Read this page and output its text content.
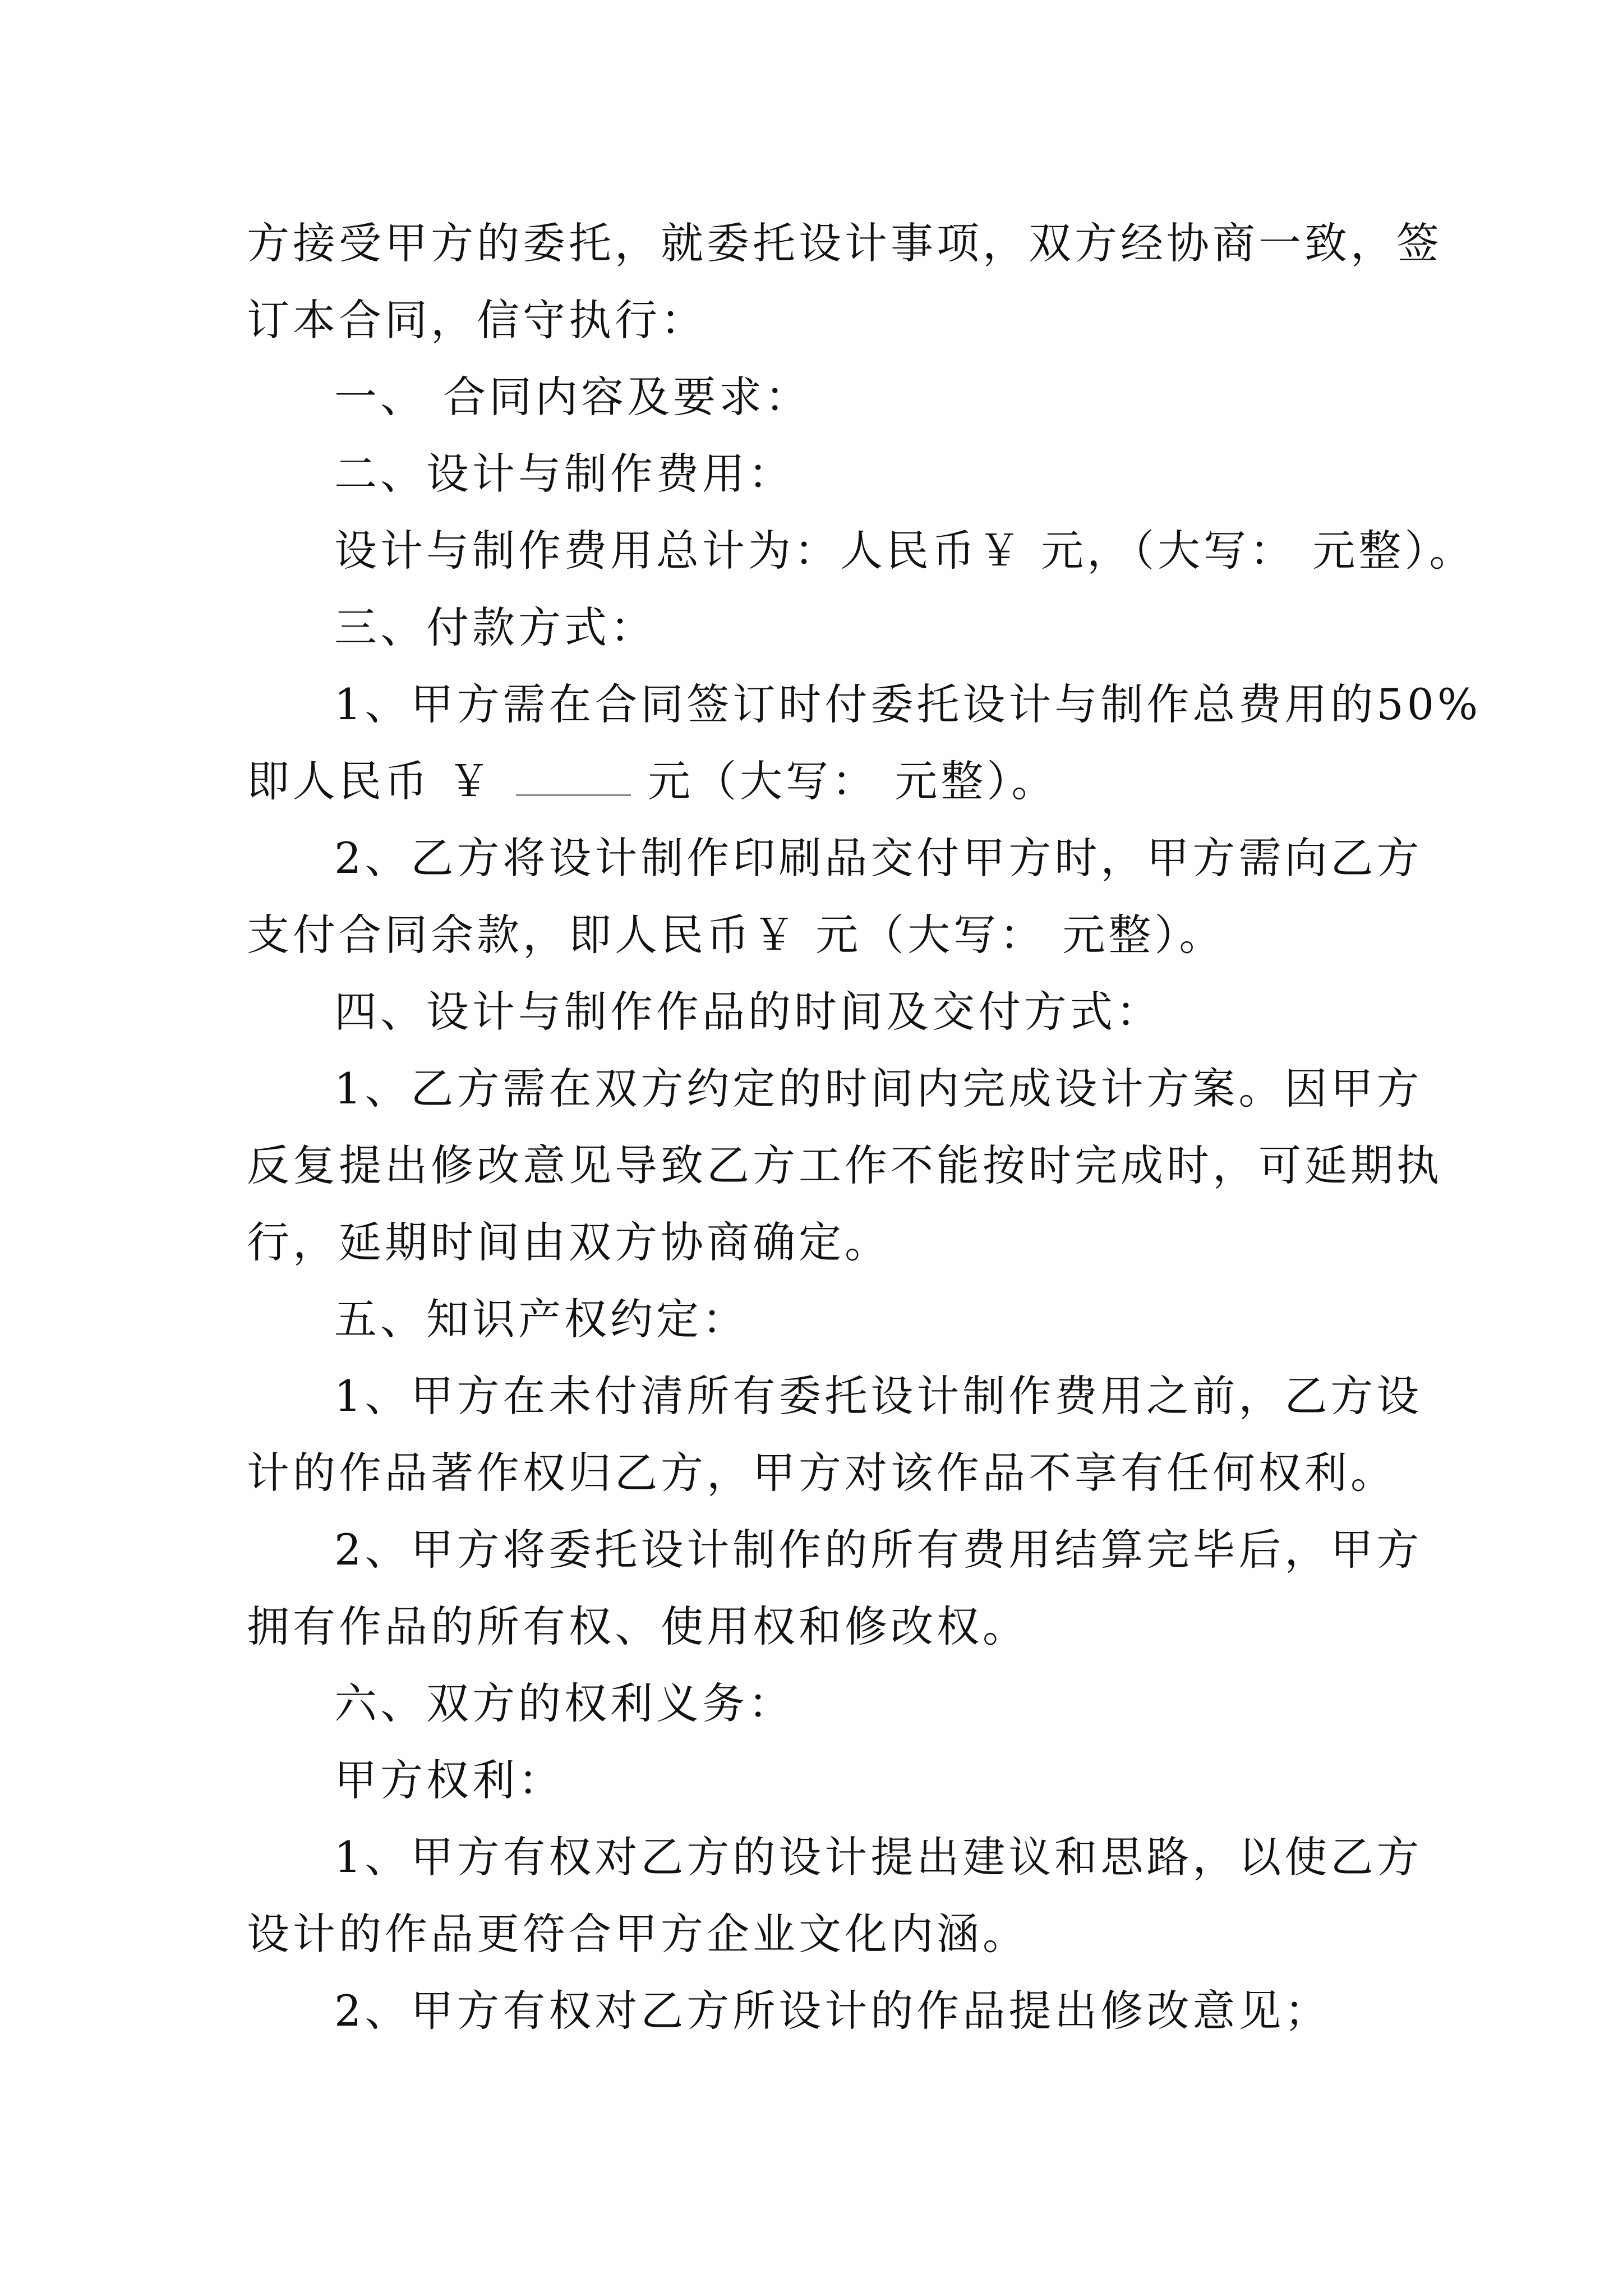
方接受甲方的委托，就委托设计事项，双方经协商一致，签
订本合同，信守执行：
一、 合同内容及要求：
二、设计与制作费用：
设计与制作费用总计为：人民币￥ 元，（大写： 元整）。
三、付款方式：
1、甲方需在合同签订时付委托设计与制作总费用的50%
即人民币 ￥	元（大写： 元整）。
2、乙方将设计制作印刷品交付甲方时，甲方需向乙方
支付合同余款，即人民币￥ 元（大写： 元整）。
四、设计与制作作品的时间及交付方式：
1、乙方需在双方约定的时间内完成设计方案。因甲方
反复提出修改意见导致乙方工作不能按时完成时，可延期执
行，延期时间由双方协商确定。
五、知识产权约定：
1、甲方在未付清所有委托设计制作费用之前，乙方设
计的作品著作权归乙方，甲方对该作品不享有任何权利。
2、甲方将委托设计制作的所有费用结算完毕后，甲方
拥有作品的所有权、使用权和修改权。
六、双方的权利义务：
甲方权利：
1、甲方有权对乙方的设计提出建议和思路，以使乙方
设计的作品更符合甲方企业文化内涵。
2、甲方有权对乙方所设计的作品提出修改意见；
